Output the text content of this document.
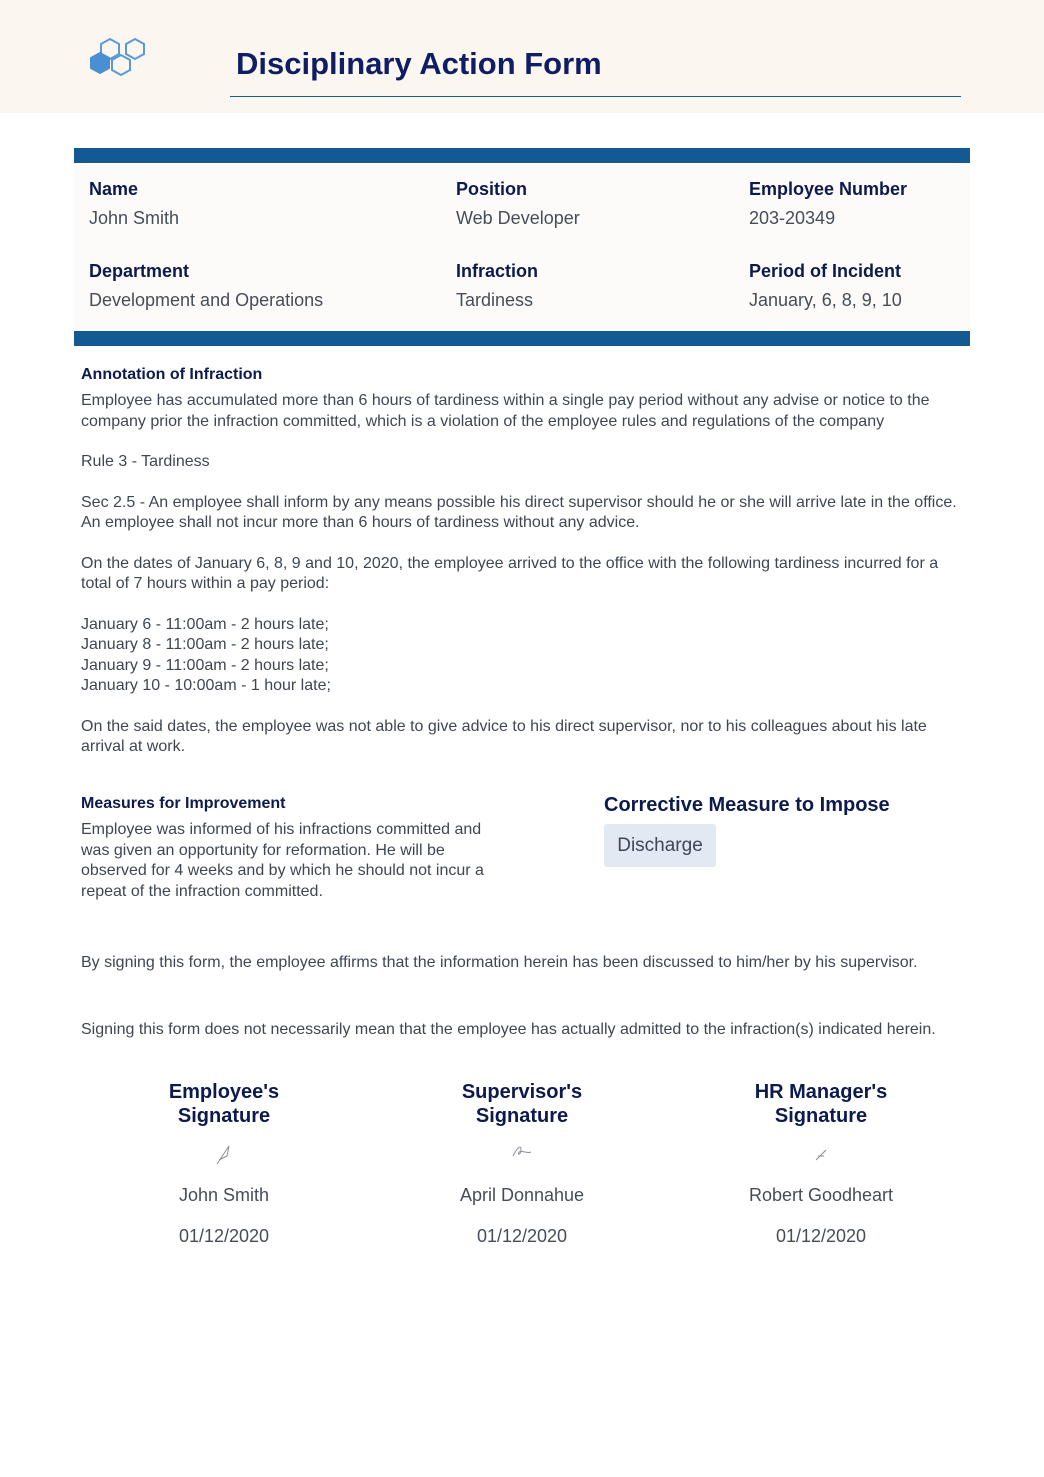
Disciplinary Action Form
Name
John Smith
Position
Web Developer
Employee Number
203-20349
Department
Development and Operations
Infraction
Tardiness
Period of Incident
January, 6, 8, 9, 10
Annotation of Infraction

Employee has accumulated more than 6 hours of tardiness within a single pay period without any advise or notice to the company prior the infraction committed, which is a violation of the employee rules and regulations of the company

Rule 3 - Tardiness

Sec 2.5 - An employee shall inform by any means possible his direct supervisor should he or she will arrive late in the office. An employee shall not incur more than 6 hours of tardiness without any advice.

On the dates of January 6, 8, 9 and 10, 2020, the employee arrived to the office with the following tardiness incurred for a total of 7 hours within a pay period:

January 6 - 11:00am - 2 hours late;
January 8 - 11:00am - 2 hours late;
January 9 - 11:00am - 2 hours late;
January 10 - 10:00am - 1 hour late;

On the said dates, the employee was not able to give advice to his direct supervisor, nor to his colleagues about his late arrival at work.

Measures for Improvement
Employee was informed of his infractions committed and was given an opportunity for reformation. He will be observed for 4 weeks and by which he should not incur a repeat of the infraction committed.
Corrective Measure to Impose
Discharge
By signing this form, the employee affirms that the information herein has been discussed to him/her by his supervisor.
Signing this form does not necessarily mean that the employee has actually admitted to the infraction(s) indicated herein.
Employee's
Signature
John Smith
01/12/2020
Supervisor's
Signature
April Donnahue
01/12/2020
HR Manager's
Signature
Robert Goodheart
01/12/2020
